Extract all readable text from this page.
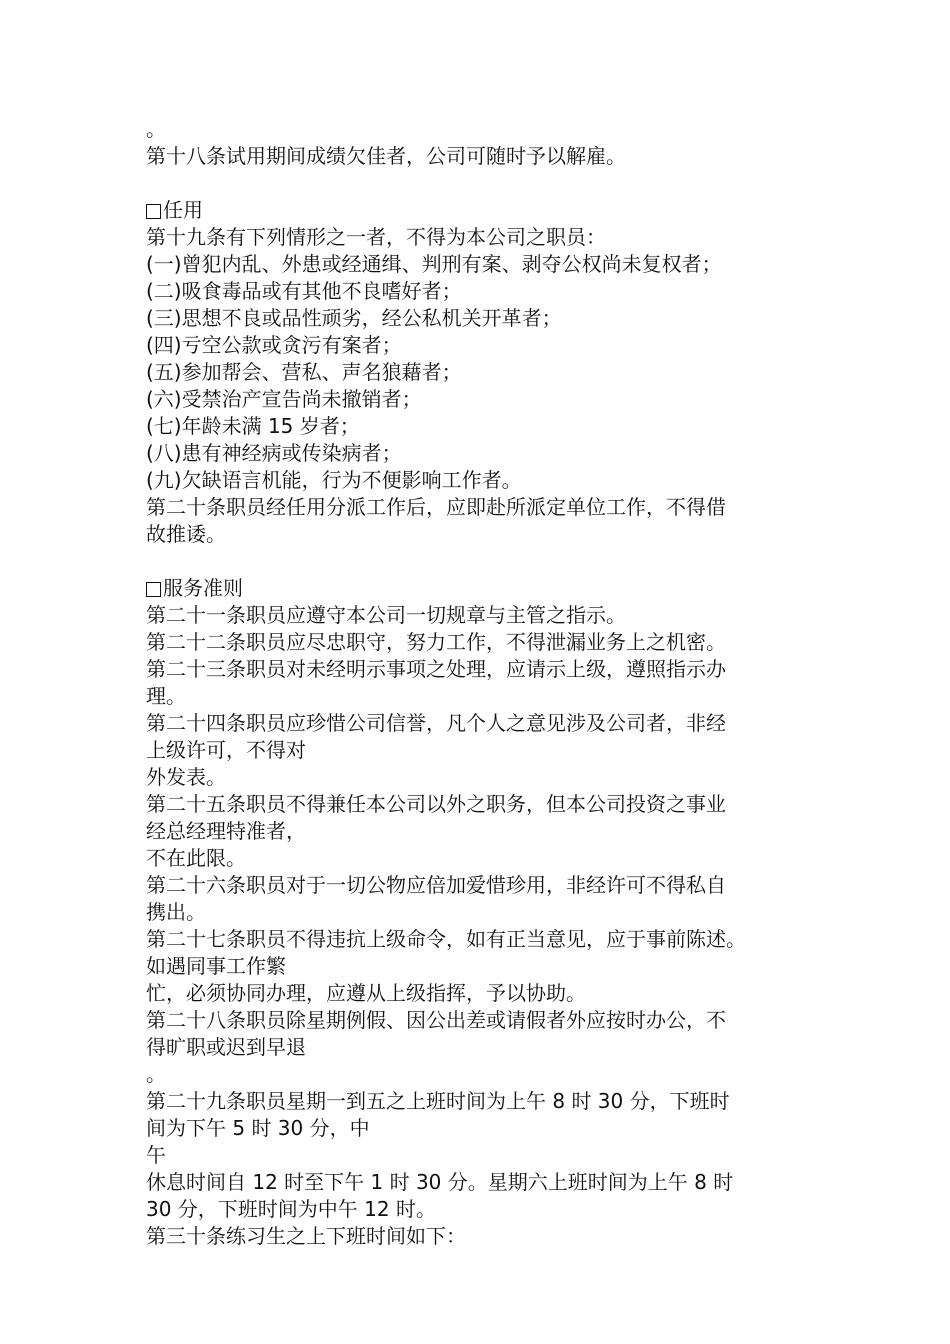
。
第十八条试用期间成绩欠佳者，公司可随时予以解雇。
任用
第十九条有下列情形之一者，不得为本公司之职员：
(一)曾犯内乱、外患或经通缉、判刑有案、剥夺公权尚未复权者；
(二)吸食毒品或有其他不良嗜好者；
(三)思想不良或品性顽劣，经公私机关开革者；
(四)亏空公款或贪污有案者；
(五)参加帮会、营私、声名狼藉者；
(六)受禁治产宣告尚未撤销者；
(七)年龄未满 15 岁者；
(八)患有神经病或传染病者；
(九)欠缺语言机能，行为不便影响工作者。
第二十条职员经任用分派工作后，应即赴所派定单位工作，不得借
故推诿。
服务准则
第二十一条职员应遵守本公司一切规章与主管之指示。
第二十二条职员应尽忠职守，努力工作，不得泄漏业务上之机密。
第二十三条职员对未经明示事项之处理，应请示上级，遵照指示办
理。
第二十四条职员应珍惜公司信誉，凡个人之意见涉及公司者，非经
上级许可，不得对
外发表。
第二十五条职员不得兼任本公司以外之职务，但本公司投资之事业
经总经理特准者，
不在此限。
第二十六条职员对于一切公物应倍加爱惜珍用，非经许可不得私自
携出。
第二十七条职员不得违抗上级命令，如有正当意见，应于事前陈述。
如遇同事工作繁
忙，必须协同办理，应遵从上级指挥，予以协助。
第二十八条职员除星期例假、因公出差或请假者外应按时办公，不
得旷职或迟到早退
。
第二十九条职员星期一到五之上班时间为上午 8 时 30 分，下班时
间为下午 5 时 30 分，中
午
休息时间自 12 时至下午 1 时 30 分。星期六上班时间为上午 8 时
30 分，下班时间为中午 12 时。
第三十条练习生之上下班时间如下：
